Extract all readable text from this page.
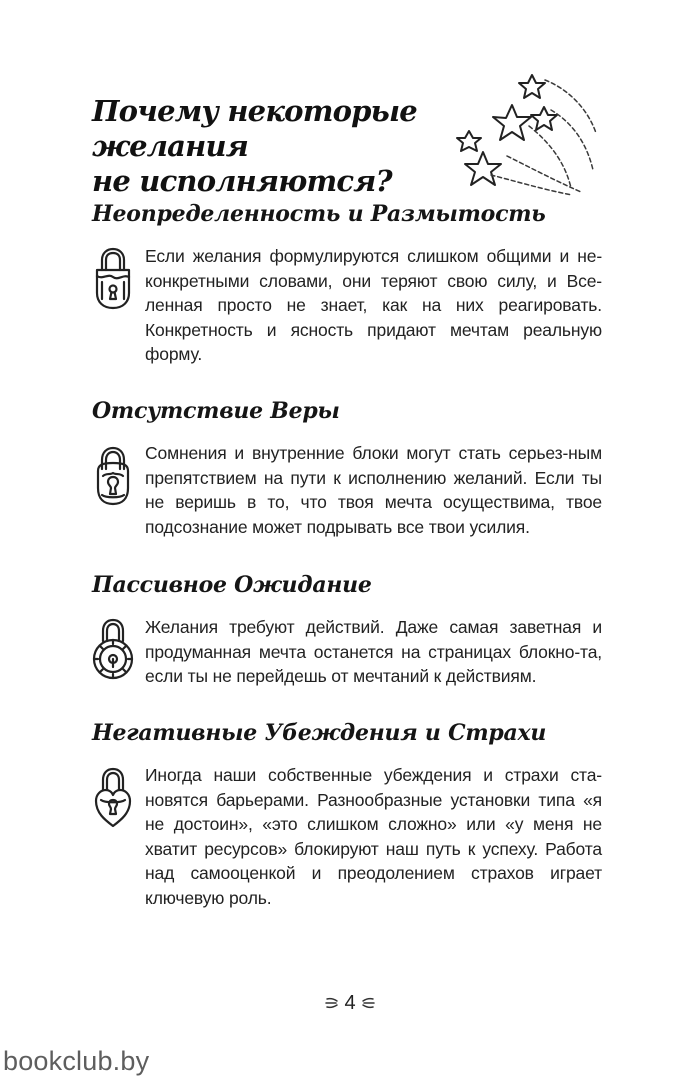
Почему некоторые желания
не исполняются?
Неопределенность и Размытость

Если желания формулируются слишком общими и не-конкретными словами, они теряют свою силу, и Все-ленная просто не знает, как на них реагировать. Конкретность и ясность придают мечтам реальную форму.

Отсутствие Веры

Сомнения и внутренние блоки могут стать серьез-ным препятствием на пути к исполнению желаний. Если ты не веришь в то, что твоя мечта осуществима, твое подсознание может подрывать все твои усилия.

Пассивное Ожидание

Желания требуют действий. Даже самая заветная и продуманная мечта останется на страницах блокно-та, если ты не перейдешь от мечтаний к действиям.

Негативные Убеждения и Страхи

Иногда наши собственные убеждения и страхи ста-новятся барьерами. Разнообразные установки типа «я не достоин», «это слишком сложно» или «у меня не хватит ресурсов» блокируют наш путь к успеху. Работа над самооценкой и преодолением страхов играет ключевую роль.

4

bookclub.by
